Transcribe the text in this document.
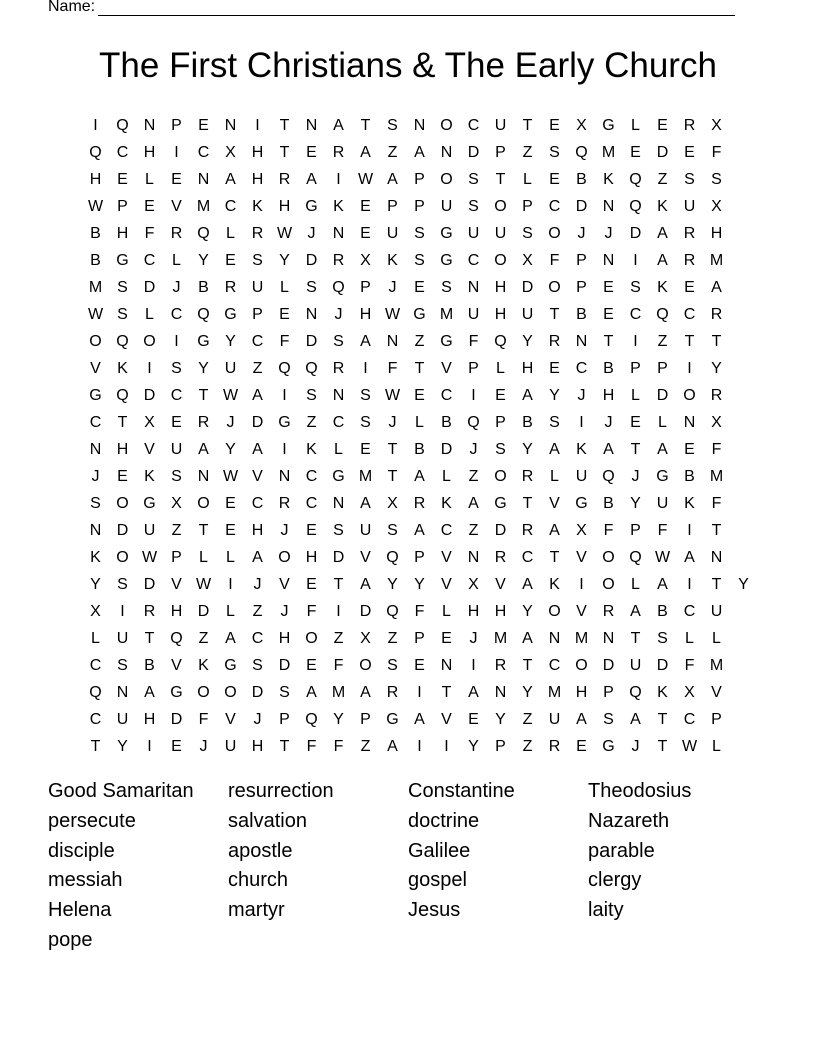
Name:
The First Christians & The Early Church
I	Q N P	E N	I	T	N A	T	S N O C U	T	E	X G	L	E R X
Q C H	I	C X H	T	E R A	Z	A N D P	Z	S Q M E D E	F
H E	L	E N A H R A	I	W A	P O S	T	L	E	B	K Q Z	S	S
W P	E	V M C K H G K	E	P	P U S O P C D N Q K U X
B H	F	R Q	L	R W J	N E U S G U U S O	J	J	D A R H
B G C	L	Y	E	S	Y D R X	K	S G C O X	F	P N	I	A R M
M S D	J	B R U	L	S Q P	J	E	S N H D O P	E	S	K	E	A
W S	L	C Q G P	E N	J	H W G M U H U	T	B	E C Q C R
O Q O	I	G Y C	F	D S	A N	Z G F Q Y R N	T	I	Z	T	T
V	K	I	S	Y U	Z Q Q R	I	F	T	V	P	L	H E C B	P	P	I	Y
G Q D C	T W A	I	S N S W E C	I	E	A	Y	J	H	L	D O R
C	T	X	E R	J	D G Z	C S	J	L	B Q P	B	S	I	J	E	L	N X
N H V U A	Y	A	I	K	L	E	T	B D	J	S	Y	A	K	A	T	A	E	F
J	E	K	S N W V N C G M T	A	L	Z O R	L	U Q	J	G B M
S O G X O E C R C N A	X R K	A G T	V G B	Y U K	F
N D U	Z	T	E H	J	E	S U S	A C	Z	D R A	X	F	P	F	I	T
K O W P	L	L	A O H D V Q P	V N R C	T	V O Q W A N
Y	S D V W	I	J	V	E	T	A	Y	Y	V	X	V	A	K	I	O	L	A	I	T	Y
X	I	R H D	L	Z	J	F	I	D Q F	L	H H Y O V R A	B C U
L	U	T Q Z	A C H O Z	X	Z	P	E	J	M A N M N	T	S	L	L
C S	B	V	K G S D E	F O S	E N	I	R	T	C O D U D	F M
Q N A G O O D S	A M A R	I	T	A N Y M H P Q K	X	V
C U H D	F	V	J	P Q Y	P G A	V	E	Y	Z	U A	S	A	T	C P
T	Y	I	E	J	U H	T	F	F	Z	A	I	I	Y	P	Z	R E G	J	T W L
Good Samaritan	resurrection	Constantine	Theodosius
persecute	salvation	doctrine	Nazareth
disciple	apostle	Galilee	parable
messiah	church	gospel	clergy
Helena	martyr	Jesus	laity
pope
